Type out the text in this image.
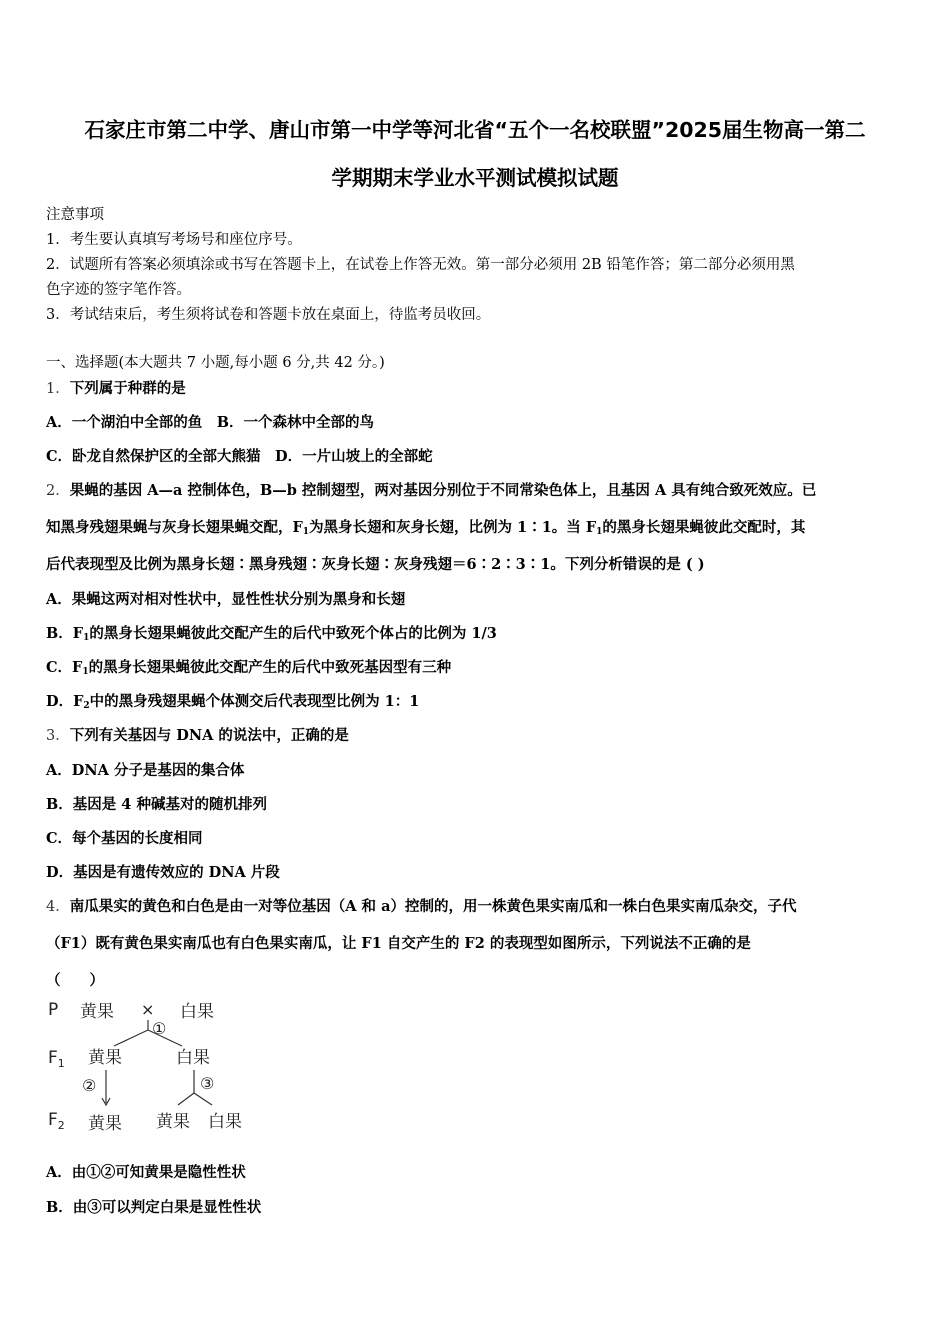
石家庄市第二中学、唐山市第一中学等河北省“五个一名校联盟”2025届生物高一第二
学期期末学业水平测试模拟试题
注意事项
1．考生要认真填写考场号和座位序号。
2．试题所有答案必须填涂或书写在答题卡上，在试卷上作答无效。第一部分必须用 2B 铅笔作答；第二部分必须用黑
色字迹的签字笔作答。
3．考试结束后，考生须将试卷和答题卡放在桌面上，待监考员收回。
一、选择题(本大题共 7 小题,每小题 6 分,共 42 分。)
1．下列属于种群的是
A．一个湖泊中全部的鱼　B．一个森林中全部的鸟
C．卧龙自然保护区的全部大熊猫　D．一片山坡上的全部蛇
2．果蝇的基因 A—a 控制体色，B—b 控制翅型，两对基因分别位于不同常染色体上，且基因 A 具有纯合致死效应。已
知黑身残翅果蝇与灰身长翅果蝇交配，$F_1$为黑身长翅和灰身长翅，比例为 1∶1。当 $F_1$的黑身长翅果蝇彼此交配时，其
后代表现型及比例为黑身长翅∶黑身残翅∶灰身长翅∶灰身残翅＝6∶2∶3∶1。下列分析错误的是 ( )
A．果蝇这两对相对性状中，显性性状分别为黑身和长翅
B．$F_1$的黑身长翅果蝇彼此交配产生的后代中致死个体占的比例为 1/3
C．$F_1$的黑身长翅果蝇彼此交配产生的后代中致死基因型有三种
D．$F_2$中的黑身残翅果蝇个体测交后代表现型比例为 1：1
3．下列有关基因与 DNA 的说法中，正确的是
A．DNA 分子是基因的集合体
B．基因是 4 种碱基对的随机排列
C．每个基因的长度相同
D．基因是有遗传效应的 DNA 片段
4．南瓜果实的黄色和白色是由一对等位基因（A 和 a）控制的，用一株黄色果实南瓜和一株白色果实南瓜杂交，子代
（F1）既有黄色果实南瓜也有白色果实南瓜，让 F1 自交产生的 F2 的表现型如图所示，下列说法不正确的是
（　　）
P 黄果 × 白果
①
$F_1$ 黄果	白果
②	③
$F_2$ 黄果 黄果 白果
A．由①②可知黄果是隐性性状
B．由③可以判定白果是显性性状
